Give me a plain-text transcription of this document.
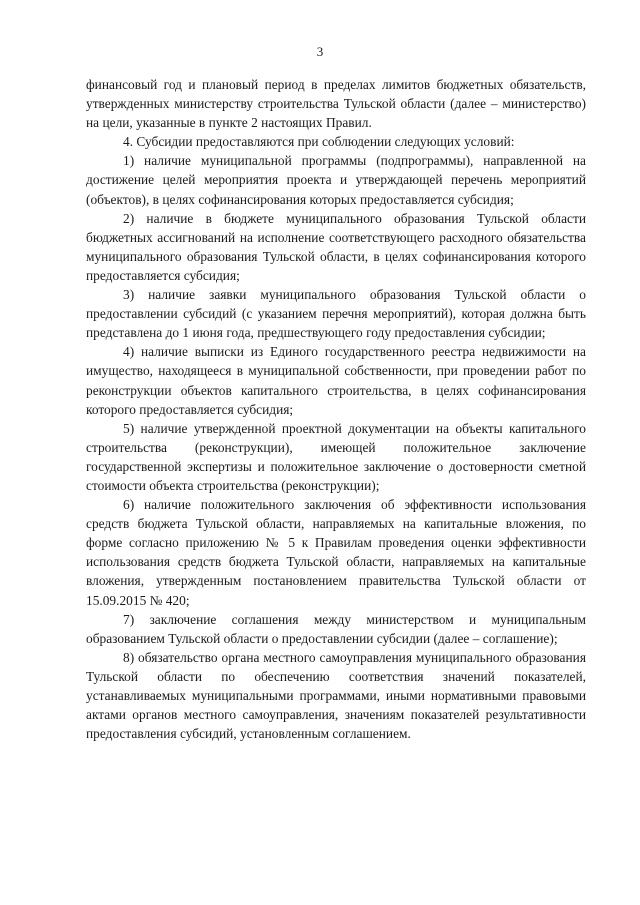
3

финансовый год и плановый период в пределах лимитов бюджетных обязательств, утвержденных министерству строительства Тульской области (далее – министерство) на цели, указанные в пункте 2 настоящих Правил.

4. Субсидии предоставляются при соблюдении следующих условий:

1) наличие муниципальной программы (подпрограммы), направленной на достижение целей мероприятия проекта и утверждающей перечень мероприятий (объектов), в целях софинансирования которых предоставляется субсидия;

2) наличие в бюджете муниципального образования Тульской области бюджетных ассигнований на исполнение соответствующего расходного обязательства муниципального образования Тульской области, в целях софинансирования которого предоставляется субсидия;

3) наличие заявки муниципального образования Тульской области о предоставлении субсидий (с указанием перечня мероприятий), которая должна быть представлена до 1 июня года, предшествующего году предоставления субсидии;

4) наличие выписки из Единого государственного реестра недвижимости на имущество, находящееся в муниципальной собственности, при проведении работ по реконструкции объектов капитального строительства, в целях софинансирования которого предоставляется субсидия;

5) наличие утвержденной проектной документации на объекты капитального строительства (реконструкции), имеющей положительное заключение государственной экспертизы и положительное заключение о достоверности сметной стоимости объекта строительства (реконструкции);

6) наличие положительного заключения об эффективности использования средств бюджета Тульской области, направляемых на капитальные вложения, по форме согласно приложению № 5 к Правилам проведения оценки эффективности использования средств бюджета Тульской области, направляемых на капитальные вложения, утвержденным постановлением правительства Тульской области от 15.09.2015 № 420;

7) заключение соглашения между министерством и муниципальным образованием Тульской области о предоставлении субсидии (далее – соглашение);

8) обязательство органа местного самоуправления муниципального образования Тульской области по обеспечению соответствия значений показателей, устанавливаемых муниципальными программами, иными нормативными правовыми актами органов местного самоуправления, значениям показателей результативности предоставления субсидий, установленным соглашением.
